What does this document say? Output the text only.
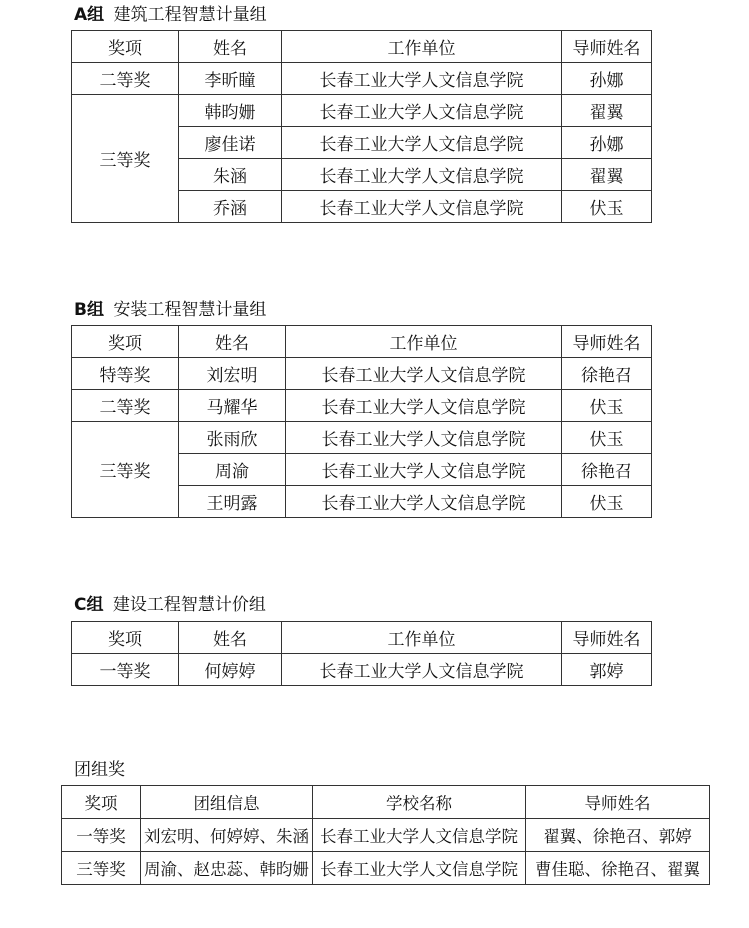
A组 建筑工程智慧计量组
奖项	姓名	工作单位	导师姓名
二等奖	李昕瞳	长春工业大学人文信息学院	孙娜
三等奖	韩昀姗	长春工业大学人文信息学院	翟翼
	廖佳诺	长春工业大学人文信息学院	孙娜
	朱涵	长春工业大学人文信息学院	翟翼
	乔涵	长春工业大学人文信息学院	伏玉
B组 安装工程智慧计量组
奖项	姓名	工作单位	导师姓名
特等奖	刘宏明	长春工业大学人文信息学院	徐艳召
二等奖	马耀华	长春工业大学人文信息学院	伏玉
三等奖	张雨欣	长春工业大学人文信息学院	伏玉
	周渝	长春工业大学人文信息学院	徐艳召
	王明露	长春工业大学人文信息学院	伏玉
C组 建设工程智慧计价组
奖项	姓名	工作单位	导师姓名
一等奖	何婷婷	长春工业大学人文信息学院	郭婷
团组奖
奖项	团组信息	学校名称	导师姓名
一等奖	刘宏明、何婷婷、朱涵	长春工业大学人文信息学院	翟翼、徐艳召、郭婷
三等奖	周渝、赵忠蕊、韩昀姗	长春工业大学人文信息学院	曹佳聪、徐艳召、翟翼
